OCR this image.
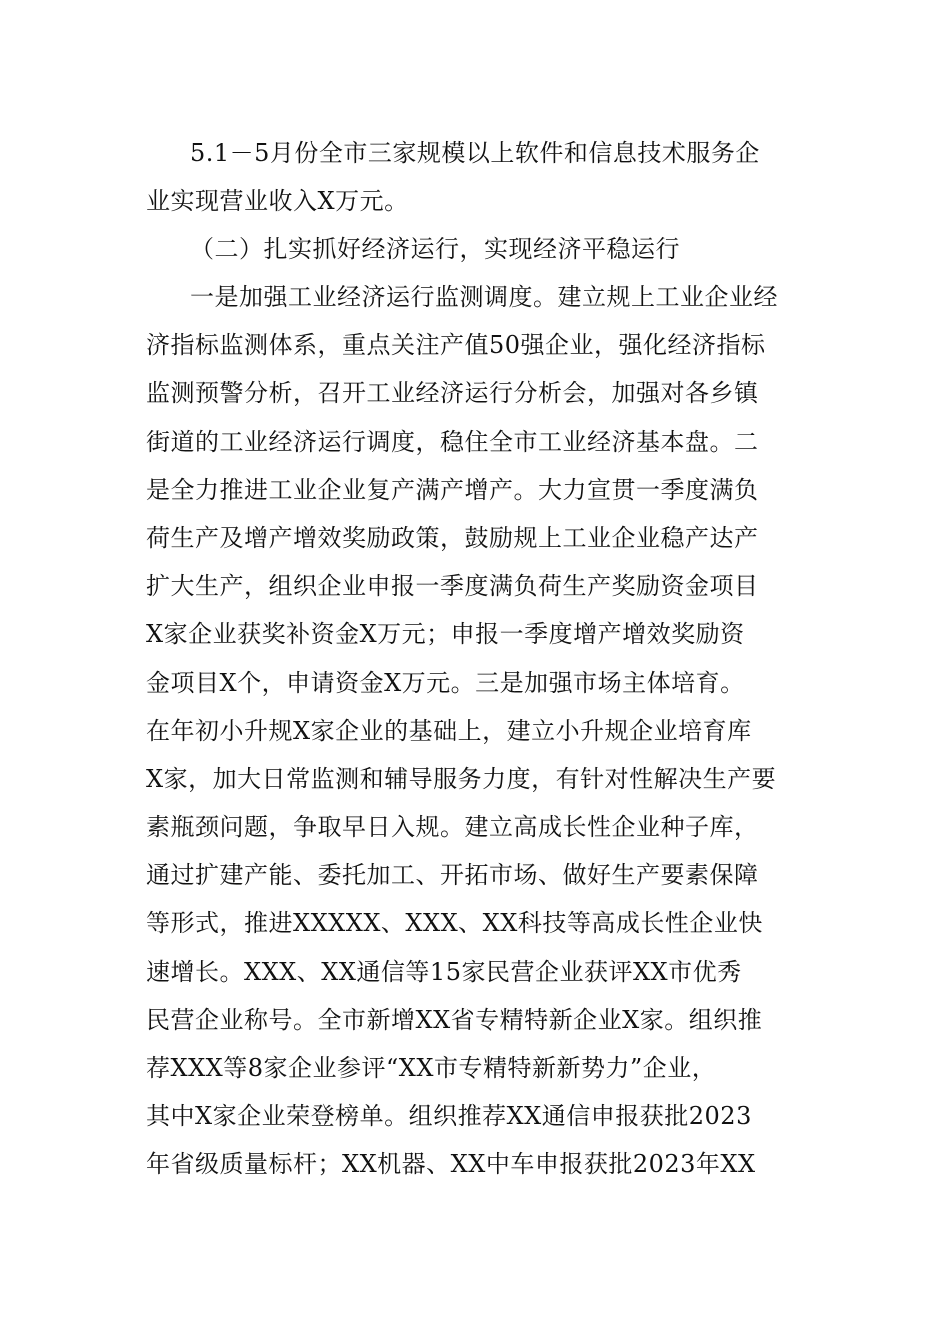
5.1－5月份全市三家规模以上软件和信息技术服务企
业实现营业收入X万元。
（二）扎实抓好经济运行，实现经济平稳运行
一是加强工业经济运行监测调度。建立规上工业企业经
济指标监测体系，重点关注产值50强企业，强化经济指标
监测预警分析，召开工业经济运行分析会，加强对各乡镇
街道的工业经济运行调度，稳住全市工业经济基本盘。二
是全力推进工业企业复产满产增产。大力宣贯一季度满负
荷生产及增产增效奖励政策，鼓励规上工业企业稳产达产
扩大生产，组织企业申报一季度满负荷生产奖励资金项目
X家企业获奖补资金X万元；申报一季度增产增效奖励资
金项目X个，申请资金X万元。三是加强市场主体培育。
在年初小升规X家企业的基础上，建立小升规企业培育库
X家，加大日常监测和辅导服务力度，有针对性解决生产要
素瓶颈问题，争取早日入规。建立高成长性企业种子库，
通过扩建产能、委托加工、开拓市场、做好生产要素保障
等形式，推进XXXXX、XXX、XX科技等高成长性企业快
速增长。XXX、XX通信等15家民营企业获评XX市优秀
民营企业称号。全市新增XX省专精特新企业X家。组织推
荐XXX等8家企业参评“XX市专精特新新势力”企业，
其中X家企业荣登榜单。组织推荐XX通信申报获批2023
年省级质量标杆；XX机器、XX中车申报获批2023年XX
